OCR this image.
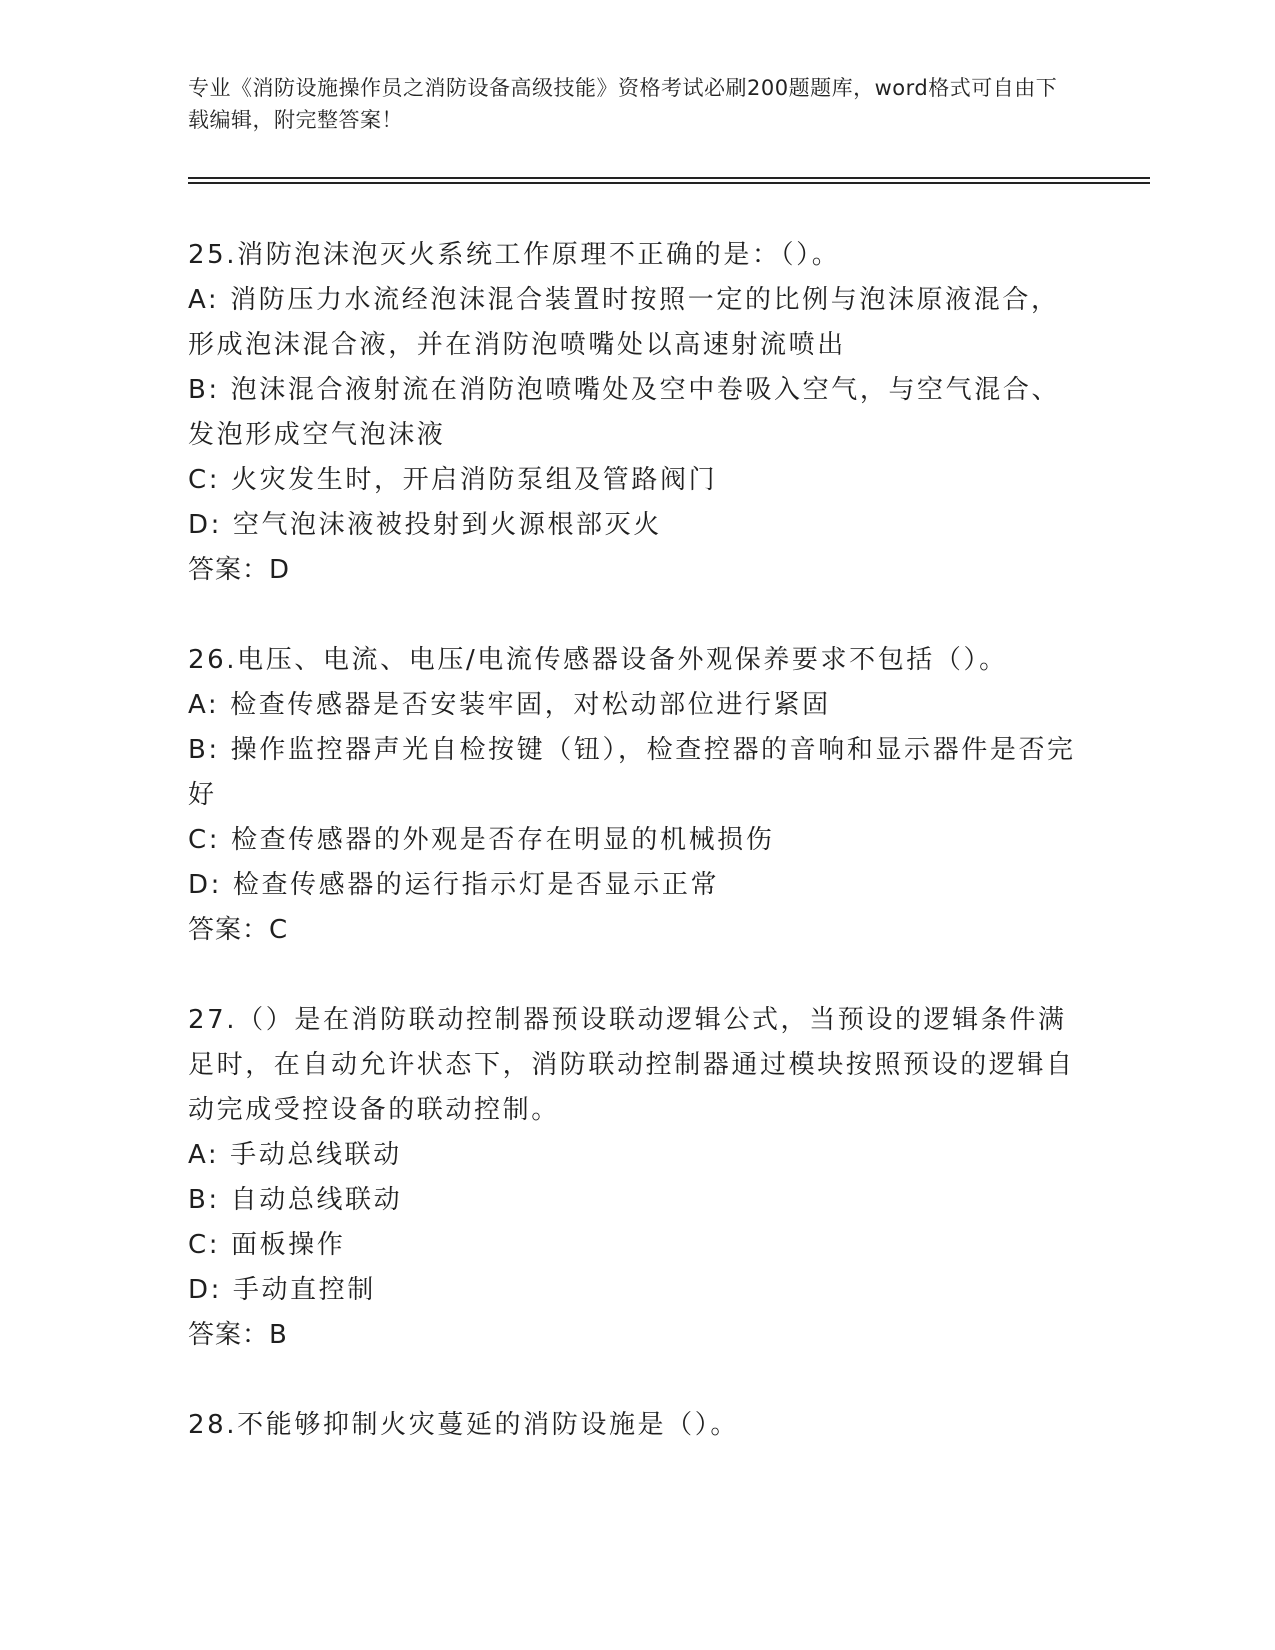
专业《消防设施操作员之消防设备高级技能》资格考试必刷200题题库，word格式可自由下载编辑，附完整答案！

25.消防泡沫泡灭火系统工作原理不正确的是：（）。

A: 消防压力水流经泡沫混合装置时按照一定的比例与泡沫原液混合，形成泡沫混合液，并在消防泡喷嘴处以高速射流喷出

B: 泡沫混合液射流在消防泡喷嘴处及空中卷吸入空气，与空气混合、发泡形成空气泡沫液

C: 火灾发生时，开启消防泵组及管路阀门

D: 空气泡沫液被投射到火源根部灭火

答案：D

26.电压、电流、电压/电流传感器设备外观保养要求不包括（）。

A: 检查传感器是否安装牢固，对松动部位进行紧固

B: 操作监控器声光自检按键（钮），检查控器的音响和显示器件是否完好

C: 检查传感器的外观是否存在明显的机械损伤

D: 检查传感器的运行指示灯是否显示正常

答案：C

27.（）是在消防联动控制器预设联动逻辑公式，当预设的逻辑条件满足时，在自动允许状态下，消防联动控制器通过模块按照预设的逻辑自动完成受控设备的联动控制。

A: 手动总线联动

B: 自动总线联动

C: 面板操作

D: 手动直控制

答案：B

28.不能够抑制火灾蔓延的消防设施是（）。
